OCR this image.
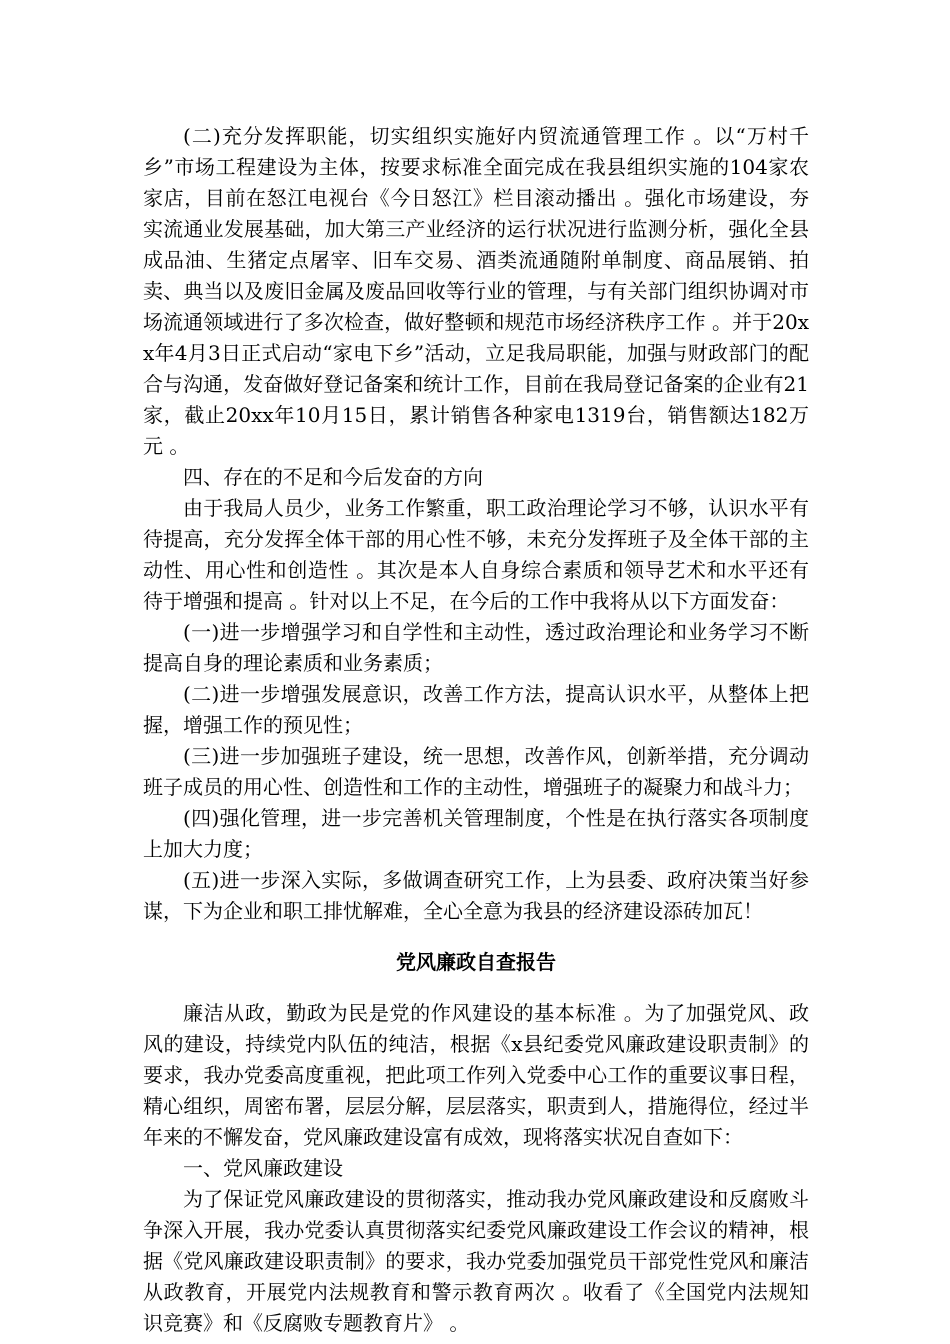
(二)充分发挥职能，切实组织实施好内贸流通管理工作 。以“万村千乡”市场工程建设为主体，按要求标准全面完成在我县组织实施的104家农家店，目前在怒江电视台《今日怒江》栏目滚动播出 。强化市场建设，夯实流通业发展基础，加大第三产业经济的运行状况进行监测分析，强化全县成品油、生猪定点屠宰、旧车交易、酒类流通随附单制度、商品展销、拍卖、典当以及废旧金属及废品回收等行业的管理，与有关部门组织协调对市场流通领域进行了多次检查，做好整顿和规范市场经济秩序工作 。并于20xx年4月3日正式启动“家电下乡”活动，立足我局职能，加强与财政部门的配合与沟通，发奋做好登记备案和统计工作，目前在我局登记备案的企业有21家，截止20xx年10月15日，累计销售各种家电1319台，销售额达182万元 。

四、存在的不足和今后发奋的方向

由于我局人员少，业务工作繁重，职工政治理论学习不够，认识水平有待提高，充分发挥全体干部的用心性不够，未充分发挥班子及全体干部的主动性、用心性和创造性 。其次是本人自身综合素质和领导艺术和水平还有待于增强和提高 。针对以上不足，在今后的工作中我将从以下方面发奋：

(一)进一步增强学习和自学性和主动性，透过政治理论和业务学习不断提高自身的理论素质和业务素质；

(二)进一步增强发展意识，改善工作方法，提高认识水平，从整体上把握，增强工作的预见性；

(三)进一步加强班子建设，统一思想，改善作风，创新举措，充分调动班子成员的用心性、创造性和工作的主动性，增强班子的凝聚力和战斗力；

(四)强化管理，进一步完善机关管理制度，个性是在执行落实各项制度上加大力度；

(五)进一步深入实际，多做调查研究工作，上为县委、政府决策当好参谋，下为企业和职工排忧解难，全心全意为我县的经济建设添砖加瓦！

党风廉政自查报告

廉洁从政，勤政为民是党的作风建设的基本标准 。为了加强党风、政风的建设，持续党内队伍的纯洁，根据《x县纪委党风廉政建设职责制》的要求，我办党委高度重视，把此项工作列入党委中心工作的重要议事日程，精心组织，周密布署，层层分解，层层落实，职责到人，措施得位，经过半年来的不懈发奋，党风廉政建设富有成效，现将落实状况自查如下：

一、党风廉政建设

为了保证党风廉政建设的贯彻落实，推动我办党风廉政建设和反腐败斗争深入开展，我办党委认真贯彻落实纪委党风廉政建设工作会议的精神，根据《党风廉政建设职责制》的要求，我办党委加强党员干部党性党风和廉洁从政教育，开展党内法规教育和警示教育两次 。收看了《全国党内法规知识竞赛》和《反腐败专题教育片》 。
